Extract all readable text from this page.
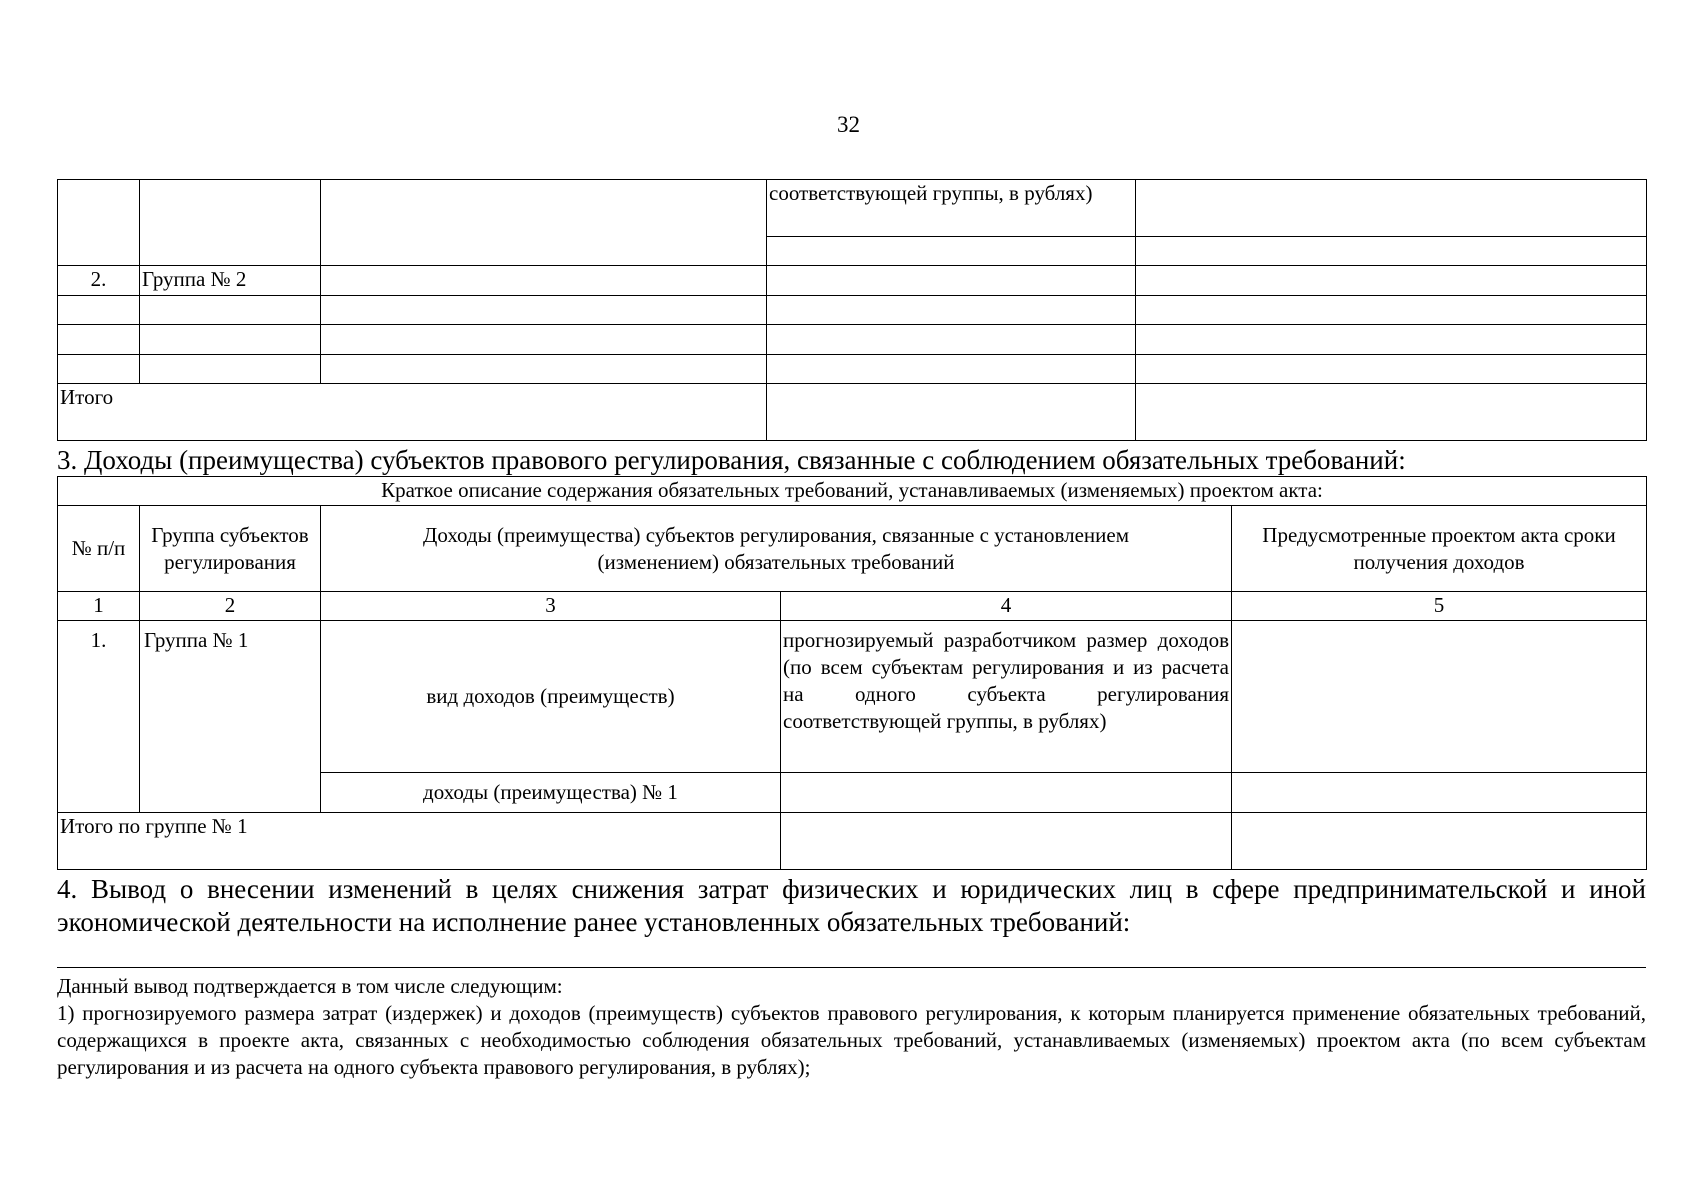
32
			соответствующей группы, в рублях)	

2.	Группа № 2			

Итого				
3. Доходы (преимущества) субъектов правового регулирования, связанные с соблюдением обязательных требований:
Краткое описание содержания обязательных требований, устанавливаемых (изменяемых) проектом акта:				
№ п/п	Группа субъектов регулирования	Доходы (преимущества) субъектов регулирования, связанные с установлением (изменением) обязательных требований		Предусмотренные проектом акта сроки получения доходов
1	2	3	4	5
1.	Группа № 1	вид доходов (преимуществ)	прогнозируемый разработчиком размер доходов (по всем субъектам регулирования и из расчета на одного субъекта регулирования соответствующей группы, в рублях)	
		доходы (преимущества) № 1		
Итого по группе № 1				
4. Вывод о внесении изменений в целях снижения затрат физических и юридических лиц в сфере предпринимательской и иной экономической деятельности на исполнение ранее установленных обязательных требований:
Данный вывод подтверждается в том числе следующим:
1) прогнозируемого размера затрат (издержек) и доходов (преимуществ) субъектов правового регулирования, к которым планируется применение обязательных требований, содержащихся в проекте акта, связанных с необходимостью соблюдения обязательных требований, устанавливаемых (изменяемых) проектом акта (по всем субъектам регулирования и из расчета на одного субъекта правового регулирования, в рублях);
